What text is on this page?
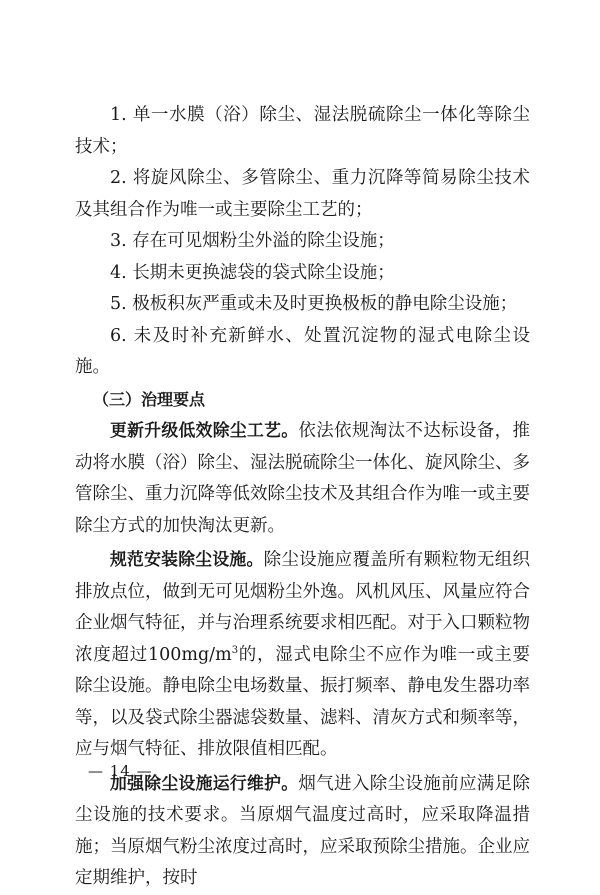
1. 单一水膜（浴）除尘、湿法脱硫除尘一体化等除尘技术；

2. 将旋风除尘、多管除尘、重力沉降等简易除尘技术及其组合作为唯一或主要除尘工艺的；

3. 存在可见烟粉尘外溢的除尘设施；

4. 长期未更换滤袋的袋式除尘设施；

5. 极板积灰严重或未及时更换极板的静电除尘设施；

6. 未及时补充新鲜水、处置沉淀物的湿式电除尘设施。

（三）治理要点

更新升级低效除尘工艺。依法依规淘汰不达标设备，推动将水膜（浴）除尘、湿法脱硫除尘一体化、旋风除尘、多管除尘、重力沉降等低效除尘技术及其组合作为唯一或主要除尘方式的加快淘汰更新。

规范安装除尘设施。除尘设施应覆盖所有颗粒物无组织排放点位，做到无可见烟粉尘外逸。风机风压、风量应符合企业烟气特征，并与治理系统要求相匹配。对于入口颗粒物浓度超过$100mg/m^3$的，湿式电除尘不应作为唯一或主要除尘设施。静电除尘电场数量、振打频率、静电发生器功率等，以及袋式除尘器滤袋数量、滤料、清灰方式和频率等，应与烟气特征、排放限值相匹配。

加强除尘设施运行维护。烟气进入除尘设施前应满足除尘设施的技术要求。当原烟气温度过高时，应采取降温措施；当原烟气粉尘浓度过高时，应采取预除尘措施。企业应定期维护，按时

— 14 —
